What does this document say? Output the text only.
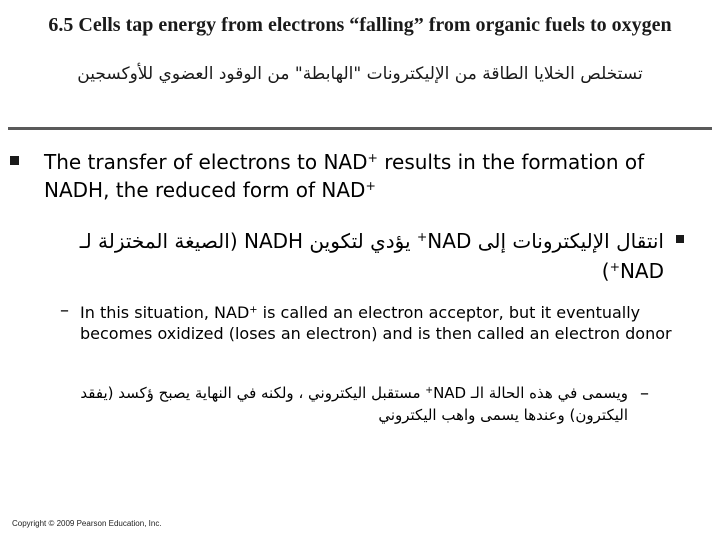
6.5 Cells tap energy from electrons “falling” from organic fuels to oxygen
تستخلص الخلايا الطاقة من الإليكترونات "الهابطة" من الوقود العضوي للأوكسجين
The transfer of electrons to NAD+ results in the formation of NADH, the reduced form of NAD+
انتقال الإليكترونات إلى NAD+ يؤدي لتكوين NADH (الصيغة المختزلة لـ NAD+)
– In this situation, NAD+ is called an electron acceptor, but it eventually becomes oxidized (loses an electron) and is then called an electron donor
–
ويسمى في هذه الحالة الـ NAD+ مستقبل اليكتروني ، ولكنه في النهاية يصبح ؤكسد (يفقد اليكترون) وعندها يسمى واهب اليكتروني
Copyright © 2009 Pearson Education, Inc.
